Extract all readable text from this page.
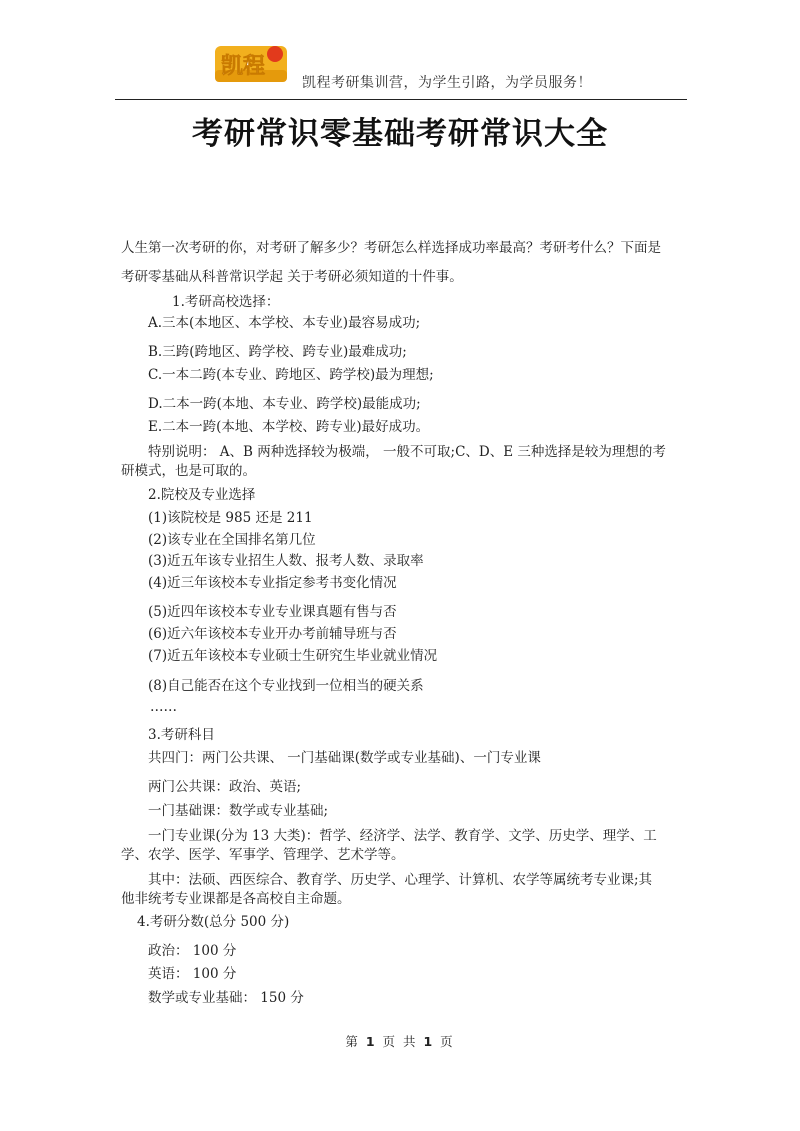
凯程
凯程考研集训营，为学生引路，为学员服务！
考研常识零基础考研常识大全
人生第一次考研的你，对考研了解多少？考研怎么样选择成功率最高？考研考什么？下面是
考研零基础从科普常识学起 关于考研必须知道的十件事。
1.考研高校选择：
A.三本(本地区、本学校、本专业)最容易成功;
B.三跨(跨地区、跨学校、跨专业)最难成功;
C.一本二跨(本专业、跨地区、跨学校)最为理想;
D.二本一跨(本地、本专业、跨学校)最能成功;
E.二本一跨(本地、本学校、跨专业)最好成功。
特别说明： A、B 两种选择较为极端， 一般不可取;C、D、E 三种选择是较为理想的考
研模式，也是可取的。
2.院校及专业选择
(1)该院校是 985 还是 211
(2)该专业在全国排名第几位
(3)近五年该专业招生人数、报考人数、录取率
(4)近三年该校本专业指定参考书变化情况
(5)近四年该校本专业专业课真题有售与否
(6)近六年该校本专业开办考前辅导班与否
(7)近五年该校本专业硕士生研究生毕业就业情况
(8)自己能否在这个专业找到一位相当的硬关系
……
3.考研科目
共四门：两门公共课、 一门基础课(数学或专业基础)、一门专业课
两门公共课：政治、英语;
一门基础课：数学或专业基础;
一门专业课(分为 13 大类)：哲学、经济学、法学、教育学、文学、历史学、理学、工
学、农学、医学、军事学、管理学、艺术学等。
其中：法硕、西医综合、教育学、历史学、心理学、计算机、农学等属统考专业课;其
他非统考专业课都是各高校自主命题。
4.考研分数(总分 500 分)
政治： 100 分
英语： 100 分
数学或专业基础： 150 分
第 1 页 共 1 页
